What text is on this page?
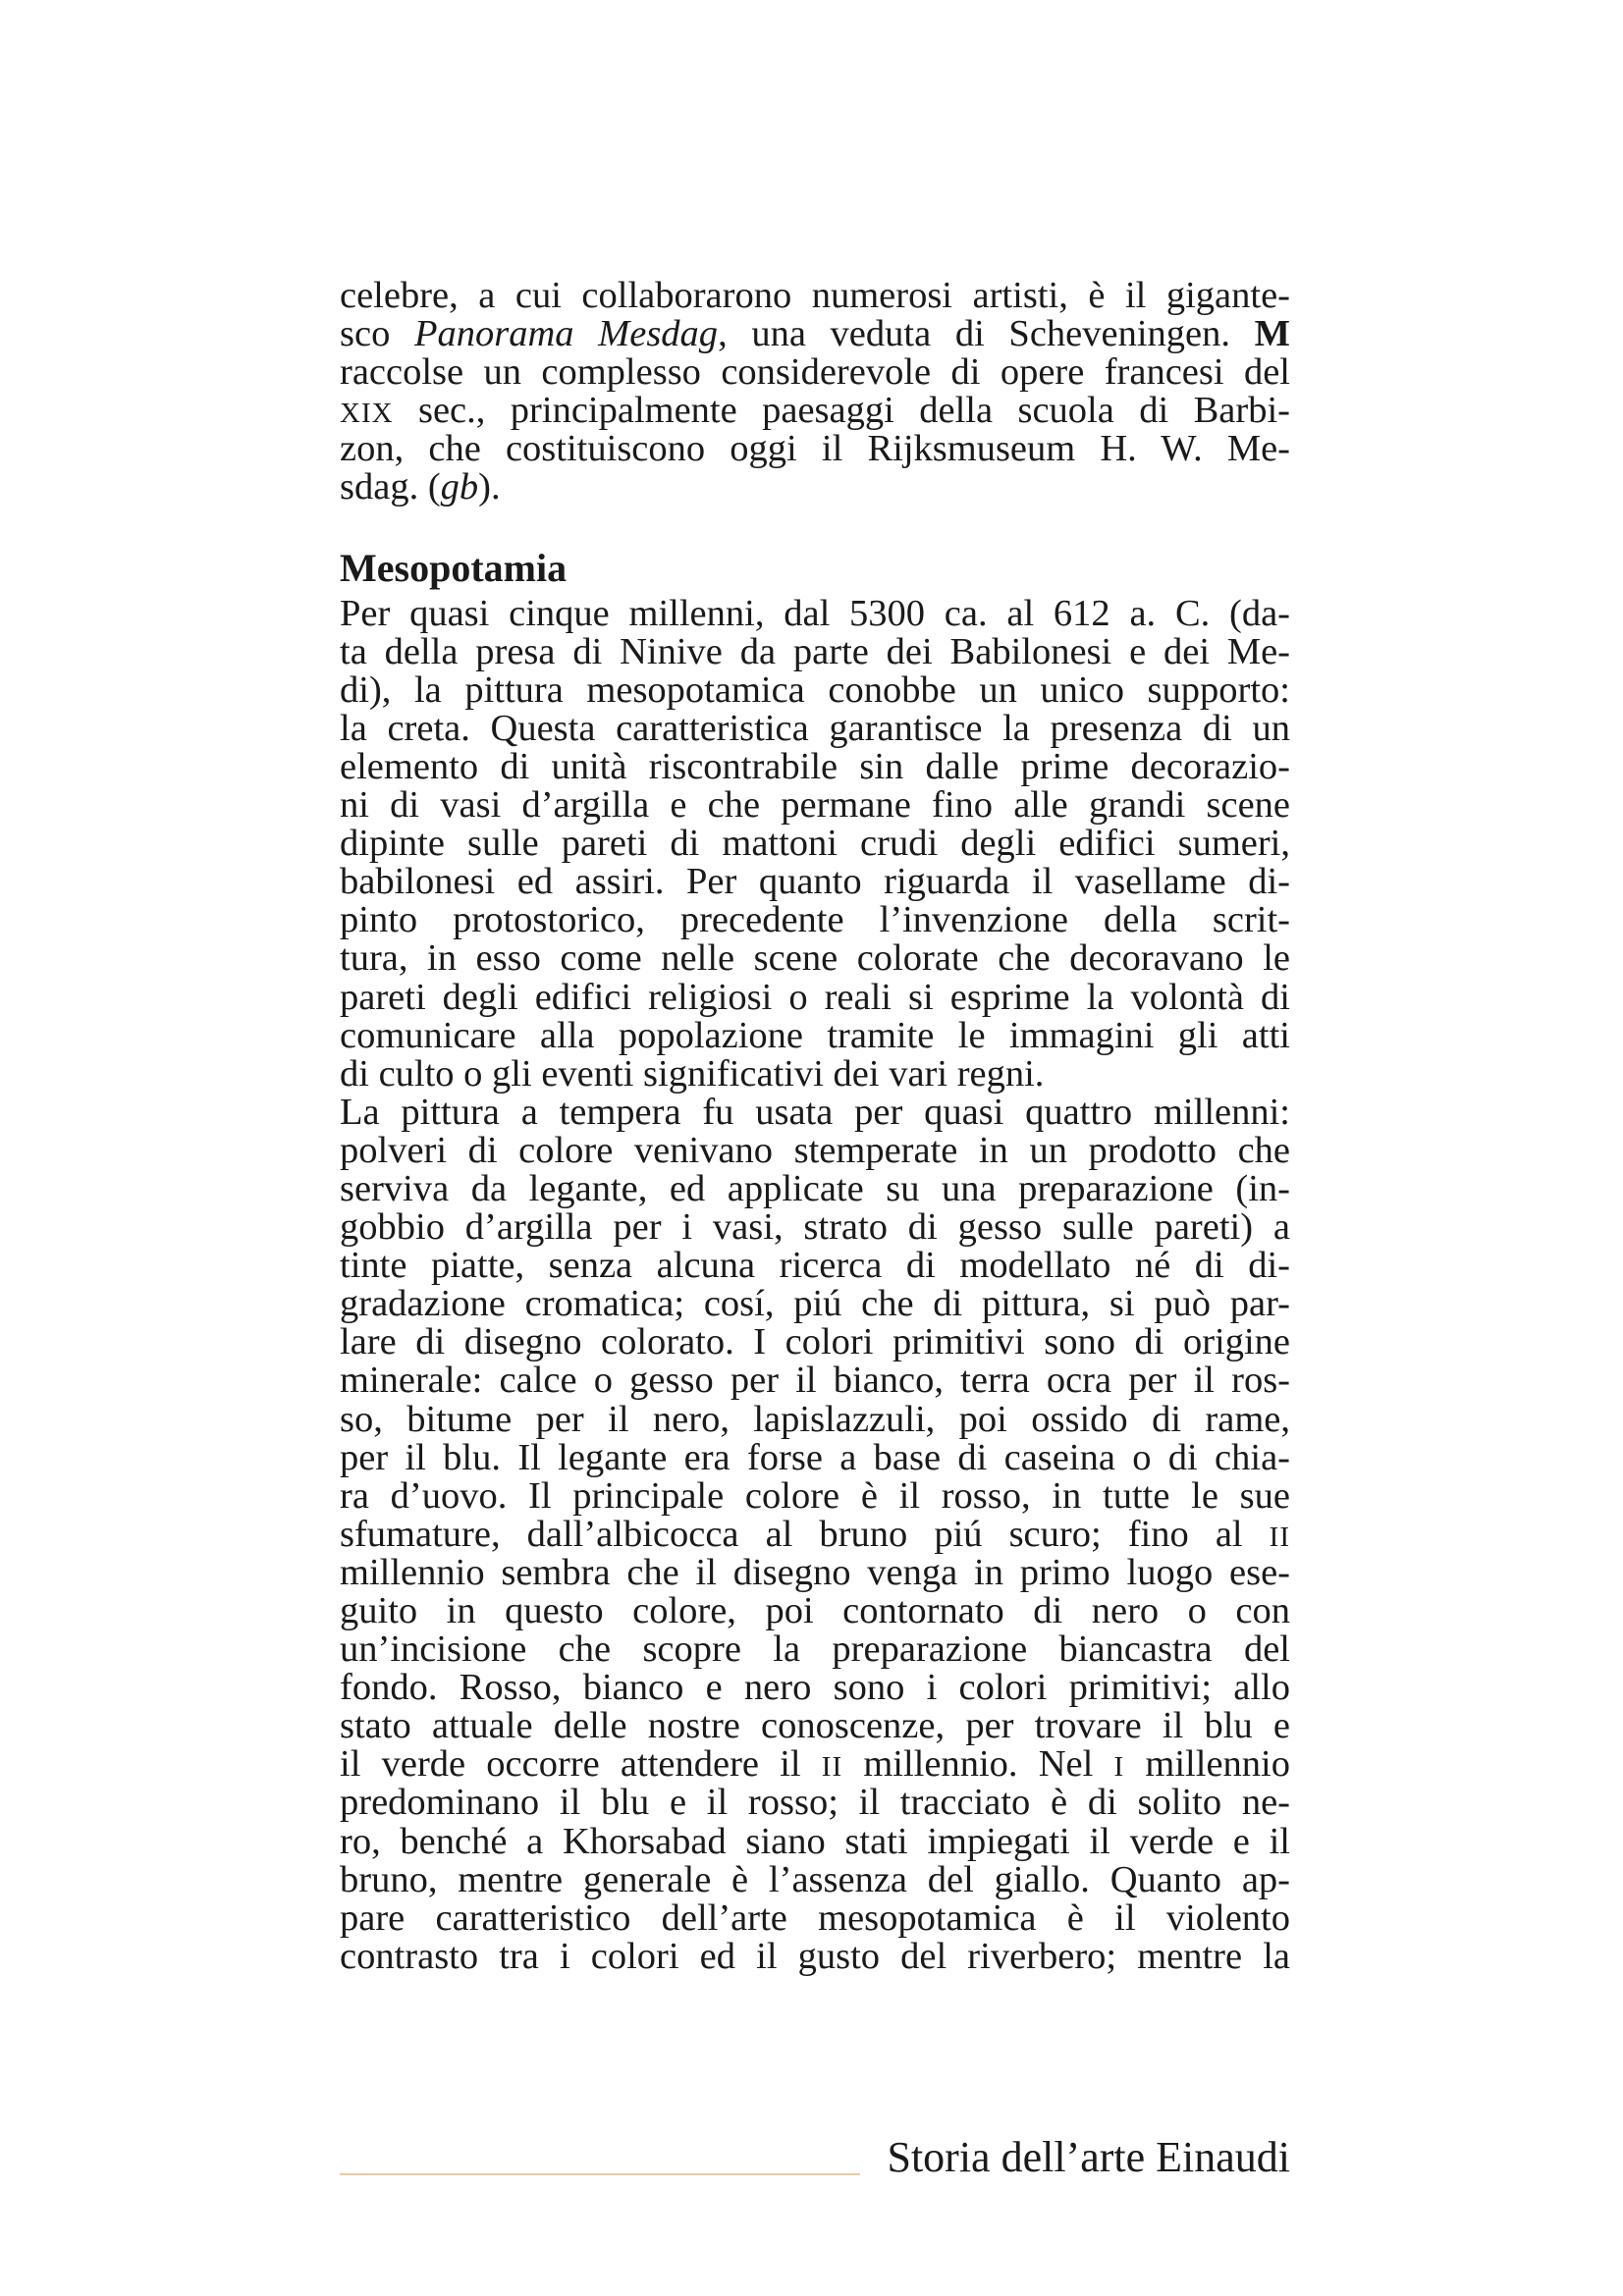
celebre, a cui collaborarono numerosi artisti, è il gigante-
sco Panorama Mesdag, una veduta di Scheveningen. M
raccolse un complesso considerevole di opere francesi del
XIX sec., principalmente paesaggi della scuola di Barbi-
zon, che costituiscono oggi il Rijksmuseum H. W. Me-
sdag. (gb).
Mesopotamia
Per quasi cinque millenni, dal 5300 ca. al 612 a. C. (da-
ta della presa di Ninive da parte dei Babilonesi e dei Me-
di), la pittura mesopotamica conobbe un unico supporto:
la creta. Questa caratteristica garantisce la presenza di un
elemento di unità riscontrabile sin dalle prime decorazio-
ni di vasi d’argilla e che permane fino alle grandi scene
dipinte sulle pareti di mattoni crudi degli edifici sumeri,
babilonesi ed assiri. Per quanto riguarda il vasellame di-
pinto protostorico, precedente l’invenzione della scrit-
tura, in esso come nelle scene colorate che decoravano le
pareti degli edifici religiosi o reali si esprime la volontà di
comunicare alla popolazione tramite le immagini gli atti
di culto o gli eventi significativi dei vari regni.
La pittura a tempera fu usata per quasi quattro millenni:
polveri di colore venivano stemperate in un prodotto che
serviva da legante, ed applicate su una preparazione (in-
gobbio d’argilla per i vasi, strato di gesso sulle pareti) a
tinte piatte, senza alcuna ricerca di modellato né di di-
gradazione cromatica; cosí, piú che di pittura, si può par-
lare di disegno colorato. I colori primitivi sono di origine
minerale: calce o gesso per il bianco, terra ocra per il ros-
so, bitume per il nero, lapislazzuli, poi ossido di rame,
per il blu. Il legante era forse a base di caseina o di chia-
ra d’uovo. Il principale colore è il rosso, in tutte le sue
sfumature, dall’albicocca al bruno piú scuro; fino al II
millennio sembra che il disegno venga in primo luogo ese-
guito in questo colore, poi contornato di nero o con
un’incisione che scopre la preparazione biancastra del
fondo. Rosso, bianco e nero sono i colori primitivi; allo
stato attuale delle nostre conoscenze, per trovare il blu e
il verde occorre attendere il II millennio. Nel I millennio
predominano il blu e il rosso; il tracciato è di solito ne-
ro, benché a Khorsabad siano stati impiegati il verde e il
bruno, mentre generale è l’assenza del giallo. Quanto ap-
pare caratteristico dell’arte mesopotamica è il violento
contrasto tra i colori ed il gusto del riverbero; mentre la
Storia dell’arte Einaudi
